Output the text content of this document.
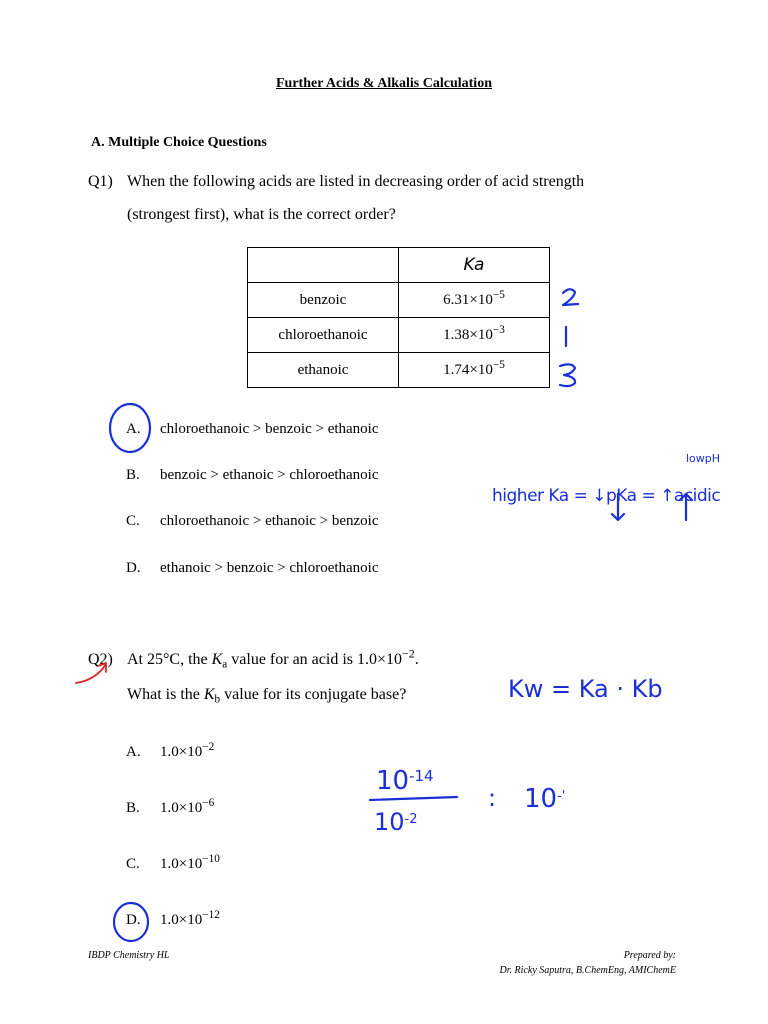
Further Acids & Alkalis Calculation
A. Multiple Choice Questions
Q1) When the following acids are listed in decreasing order of acid strength
(strongest first), what is the correct order?
	Ka
benzoic	$6.31\times 10^{-5}$
chloroethanoic	$1.38\times 10^{-3}$
ethanoic	$1.74\times 10^{-5}$
A. chloroethanoic > benzoic > ethanoic
B. benzoic > ethanoic > chloroethanoic
C. chloroethanoic > ethanoic > benzoic
D. ethanoic > benzoic > chloroethanoic
Q2) At 25°C, the $K_a$ value for an acid is $1.0\times 10^{-2}$.
What is the $K_b$ value for its conjugate base?
A. $1.0\times 10^{-2}$
B. $1.0\times 10^{-6}$
C. $1.0\times 10^{-10}$
D. $1.0\times 10^{-12}$
IBDP Chemistry HL	Prepared by:
Dr. Ricky Saputra, B.ChemEng, AMIChemE
lowpH
higher Ka = ↓pKa = ↑acidic
Kw = Ka · Kb
$10^{-14}$
$10^{-2}$
: 10-'
